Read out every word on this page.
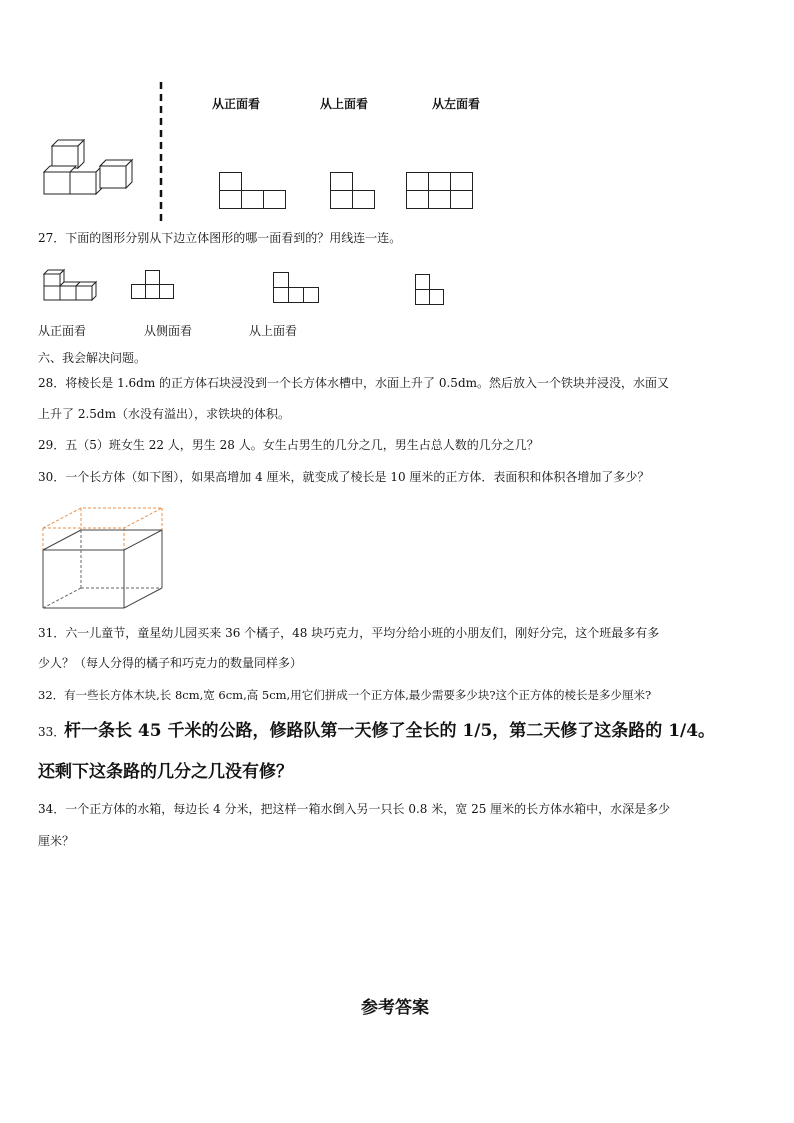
从正面看	从上面看	从左面看
27．下面的图形分别从下边立体图形的哪一面看到的？用线连一连。
从正面看	从侧面看	从上面看
六、我会解决问题。
28．将棱长是 1.6dm 的正方体石块浸没到一个长方体水槽中，水面上升了 0.5dm。然后放入一个铁块并浸没，水面又
上升了 2.5dm（水没有溢出），求铁块的体积。
29．五（5）班女生 22 人，男生 28 人。女生占男生的几分之几，男生占总人数的几分之几？
30．一个长方体（如下图），如果高增加 4 厘米，就变成了棱长是 10 厘米的正方体．表面积和体积各增加了多少？
31．六一儿童节，童星幼儿园买来 36 个橘子，48 块巧克力，平均分给小班的小朋友们，刚好分完，这个班最多有多
少人？（每人分得的橘子和巧克力的数量同样多）
32．有一些长方体木块,长 8cm,宽 6cm,高 5cm,用它们拼成一个正方体,最少需要多少块?这个正方体的棱长是多少厘米?
33．
杆一条长 45 千米的公路，修路队第一天修了全长的 1/5，第二天修了这条路的 1/4。
还剩下这条路的几分之几没有修？
34．一个正方体的水箱，每边长 4 分米，把这样一箱水倒入另一只长 0.8 米，宽 25 厘米的长方体水箱中，水深是多少
厘米？
参考答案
